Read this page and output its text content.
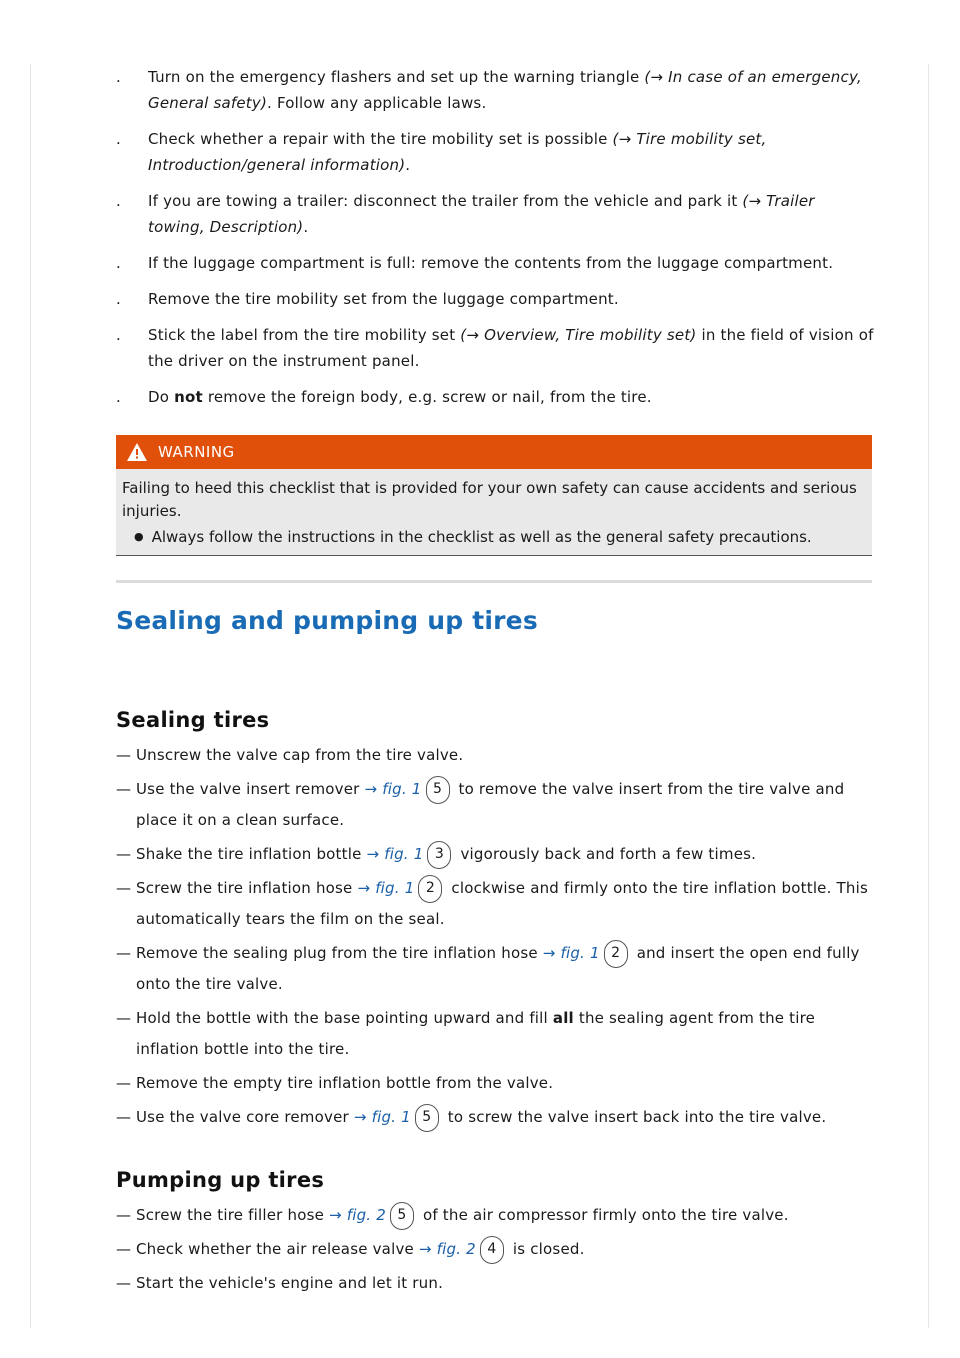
. Turn on the emergency flashers and set up the warning triangle (→ In case of an emergency, General safety). Follow any applicable laws.
. Check whether a repair with the tire mobility set is possible (→ Tire mobility set, Introduction/general information).
. If you are towing a trailer: disconnect the trailer from the vehicle and park it (→ Trailer towing, Description).
. If the luggage compartment is full: remove the contents from the luggage compartment.
. Remove the tire mobility set from the luggage compartment.
. Stick the label from the tire mobility set (→ Overview, Tire mobility set) in the field of vision of the driver on the instrument panel.
. Do not remove the foreign body, e.g. screw or nail, from the tire.
WARNING
Failing to heed this checklist that is provided for your own safety can cause accidents and serious injuries.
● Always follow the instructions in the checklist as well as the general safety precautions.
Sealing and pumping up tires
Sealing tires
— Unscrew the valve cap from the tire valve.
— Use the valve insert remover → fig. 1 5 to remove the valve insert from the tire valve and place it on a clean surface.
— Shake the tire inflation bottle → fig. 1 3 vigorously back and forth a few times.
— Screw the tire inflation hose → fig. 1 2 clockwise and firmly onto the tire inflation bottle. This automatically tears the film on the seal.
— Remove the sealing plug from the tire inflation hose → fig. 1 2 and insert the open end fully onto the tire valve.
— Hold the bottle with the base pointing upward and fill all the sealing agent from the tire inflation bottle into the tire.
— Remove the empty tire inflation bottle from the valve.
— Use the valve core remover → fig. 1 5 to screw the valve insert back into the tire valve.
Pumping up tires
— Screw the tire filler hose → fig. 2 5 of the air compressor firmly onto the tire valve.
— Check whether the air release valve → fig. 2 4 is closed.
— Start the vehicle's engine and let it run.
